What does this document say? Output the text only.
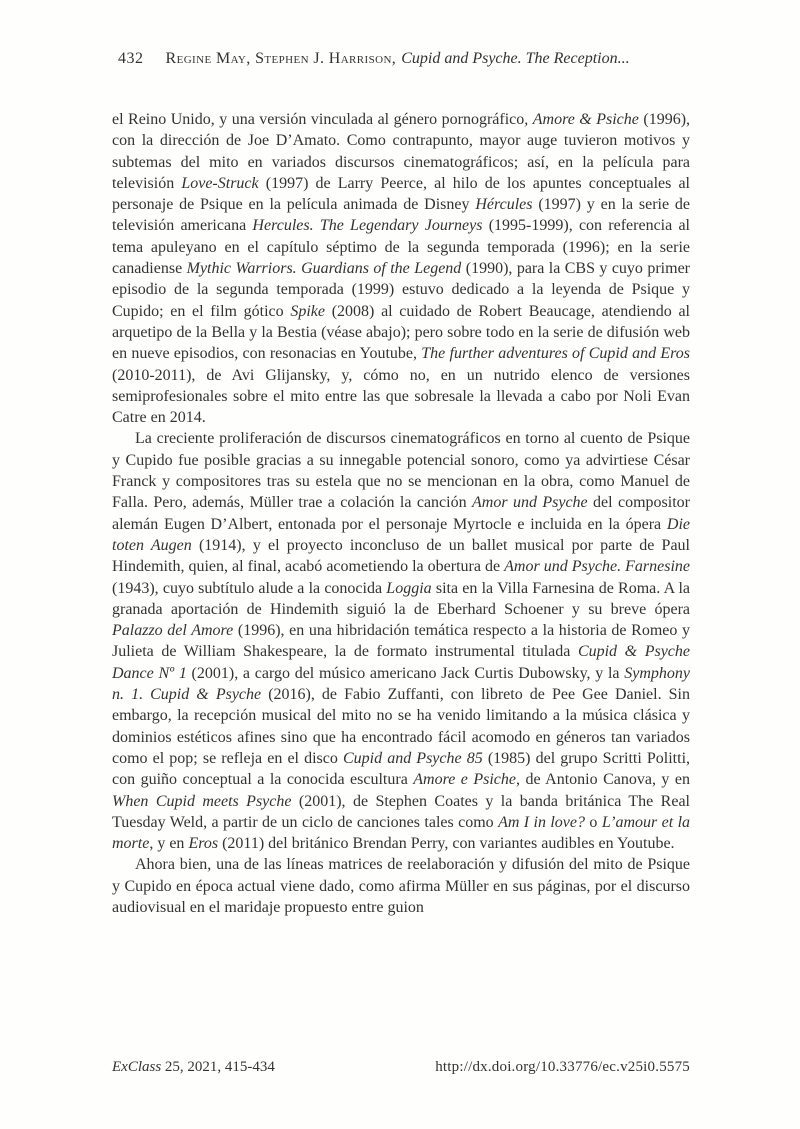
432 Regine May, Stephen J. Harrison, Cupid and Psyche. The Reception...

el Reino Unido, y una versión vinculada al género pornográfico, Amore & Psiche (1996), con la dirección de Joe D’Amato. Como contrapunto, mayor auge tuvieron motivos y subtemas del mito en variados discursos cinematográficos; así, en la película para televisión Love-Struck (1997) de Larry Peerce, al hilo de los apuntes conceptuales al personaje de Psique en la película animada de Disney Hércules (1997) y en la serie de televisión americana Hercules. The Legendary Journeys (1995-1999), con referencia al tema apuleyano en el capítulo séptimo de la segunda temporada (1996); en la serie canadiense Mythic Warriors. Guardians of the Legend (1990), para la CBS y cuyo primer episodio de la segunda temporada (1999) estuvo dedicado a la leyenda de Psique y Cupido; en el film gótico Spike (2008) al cuidado de Robert Beaucage, atendiendo al arquetipo de la Bella y la Bestia (véase abajo); pero sobre todo en la serie de difusión web en nueve episodios, con resonacias en Youtube, The further adventures of Cupid and Eros (2010-2011), de Avi Glijansky, y, cómo no, en un nutrido elenco de versiones semiprofesionales sobre el mito entre las que sobresale la llevada a cabo por Noli Evan Catre en 2014.

La creciente proliferación de discursos cinematográficos en torno al cuento de Psique y Cupido fue posible gracias a su innegable potencial sonoro, como ya advirtiese César Franck y compositores tras su estela que no se mencionan en la obra, como Manuel de Falla. Pero, además, Müller trae a colación la canción Amor und Psyche del compositor alemán Eugen D’Albert, entonada por el personaje Myrtocle e incluida en la ópera Die toten Augen (1914), y el proyecto inconcluso de un ballet musical por parte de Paul Hindemith, quien, al final, acabó acometiendo la obertura de Amor und Psyche. Farnesine (1943), cuyo subtítulo alude a la conocida Loggia sita en la Villa Farnesina de Roma. A la granada aportación de Hindemith siguió la de Eberhard Schoener y su breve ópera Palazzo del Amore (1996), en una hibridación temática respecto a la historia de Romeo y Julieta de William Shakespeare, la de formato instrumental titulada Cupid & Psyche Dance Nº 1 (2001), a cargo del músico americano Jack Curtis Dubowsky, y la Symphony n. 1. Cupid & Psyche (2016), de Fabio Zuffanti, con libreto de Pee Gee Daniel. Sin embargo, la recepción musical del mito no se ha venido limitando a la música clásica y dominios estéticos afines sino que ha encontrado fácil acomodo en géneros tan variados como el pop; se refleja en el disco Cupid and Psyche 85 (1985) del grupo Scritti Politti, con guiño conceptual a la conocida escultura Amore e Psiche, de Antonio Canova, y en When Cupid meets Psyche (2001), de Stephen Coates y la banda británica The Real Tuesday Weld, a partir de un ciclo de canciones tales como Am I in love? o L’amour et la morte, y en Eros (2011) del británico Brendan Perry, con variantes audibles en Youtube.

Ahora bien, una de las líneas matrices de reelaboración y difusión del mito de Psique y Cupido en época actual viene dado, como afirma Müller en sus páginas, por el discurso audiovisual en el maridaje propuesto entre guion

ExClass 25, 2021, 415-434	http://dx.doi.org/10.33776/ec.v25i0.5575
